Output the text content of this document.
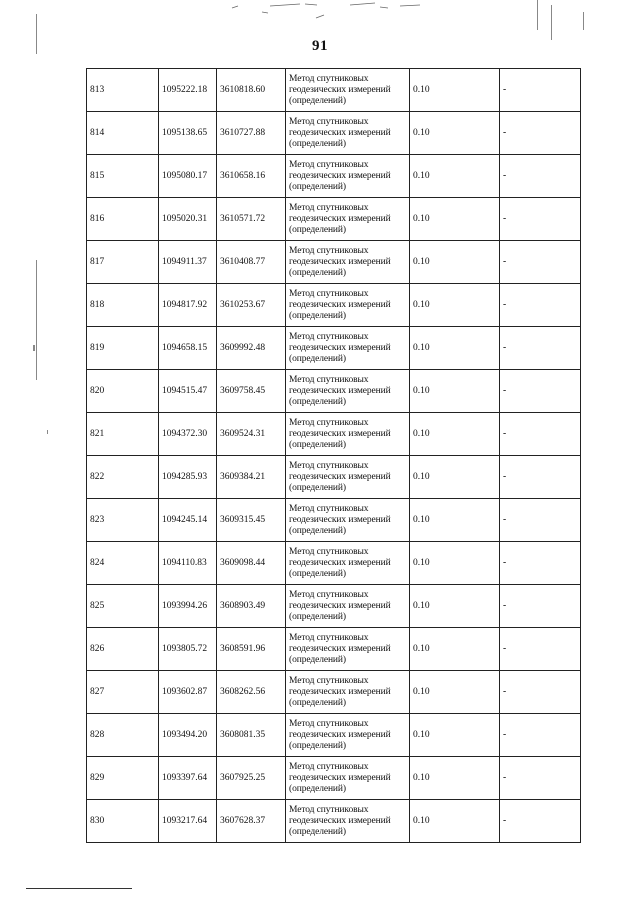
91
813	1095222.18	3610818.60	Метод спутниковых
геодезических измерений
(определений)	0.10	-
814	1095138.65	3610727.88	Метод спутниковых
геодезических измерений
(определений)	0.10	-
815	1095080.17	3610658.16	Метод спутниковых
геодезических измерений
(определений)	0.10	-
816	1095020.31	3610571.72	Метод спутниковых
геодезических измерений
(определений)	0.10	-
817	1094911.37	3610408.77	Метод спутниковых
геодезических измерений
(определений)	0.10	-
818	1094817.92	3610253.67	Метод спутниковых
геодезических измерений
(определений)	0.10	-
819	1094658.15	3609992.48	Метод спутниковых
геодезических измерений
(определений)	0.10	-
820	1094515.47	3609758.45	Метод спутниковых
геодезических измерений
(определений)	0.10	-
821	1094372.30	3609524.31	Метод спутниковых
геодезических измерений
(определений)	0.10	-
822	1094285.93	3609384.21	Метод спутниковых
геодезических измерений
(определений)	0.10	-
823	1094245.14	3609315.45	Метод спутниковых
геодезических измерений
(определений)	0.10	-
824	1094110.83	3609098.44	Метод спутниковых
геодезических измерений
(определений)	0.10	-
825	1093994.26	3608903.49	Метод спутниковых
геодезических измерений
(определений)	0.10	-
826	1093805.72	3608591.96	Метод спутниковых
геодезических измерений
(определений)	0.10	-
827	1093602.87	3608262.56	Метод спутниковых
геодезических измерений
(определений)	0.10	-
828	1093494.20	3608081.35	Метод спутниковых
геодезических измерений
(определений)	0.10	-
829	1093397.64	3607925.25	Метод спутниковых
геодезических измерений
(определений)	0.10	-
830	1093217.64	3607628.37	Метод спутниковых
геодезических измерений
(определений)	0.10	-
